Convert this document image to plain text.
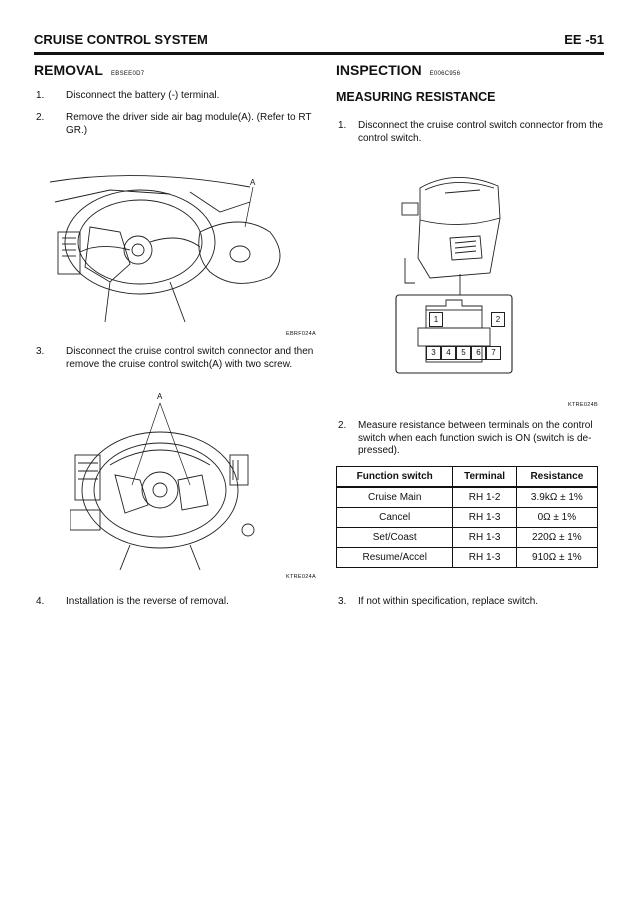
CRUISE CONTROL SYSTEM	EE -51
REMOVAL EBSEE0D7
1. Disconnect the battery (-) terminal.
2. Remove the driver side air bag module(A). (Refer to RT GR.)
A
EBRF024A
3. Disconnect the cruise control switch connector and then remove the cruise control switch(A) with two screw.
A
KTRE024A
4. Installation is the reverse of removal.
INSPECTION E006C956
MEASURING RESISTANCE
1. Disconnect the cruise control switch connector from the control switch.
1	2
3	4	5	6	7
KTRE024B
2. Measure resistance between terminals on the control switch when each function swich is ON (switch is de-pressed).
Function switch	Terminal	Resistance
Cruise Main	RH 1-2	3.9kΩ ± 1%
Cancel	RH 1-3	0Ω ± 1%
Set/Coast	RH 1-3	220Ω ± 1%
Resume/Accel	RH 1-3	910Ω ± 1%
3. If not within specification, replace switch.
